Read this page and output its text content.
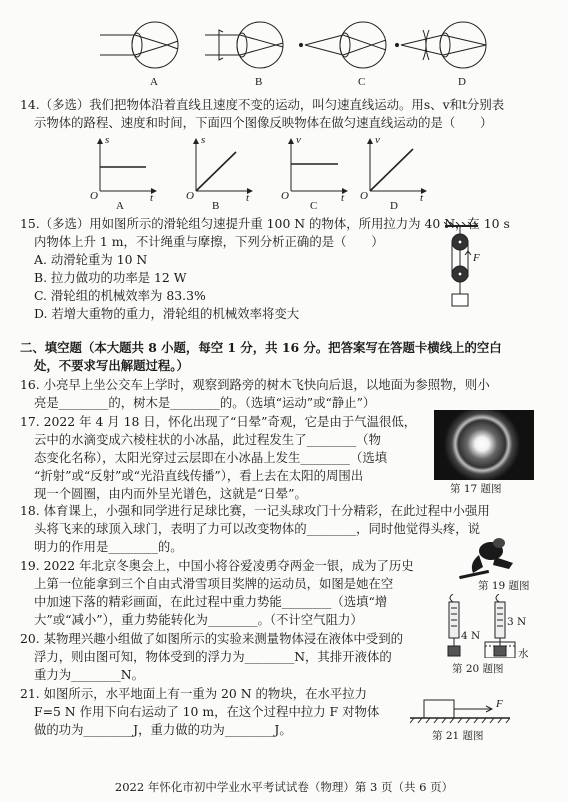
A	B	C	D
14.（多选）我们把物体沿着直线且速度不变的运动，叫匀速直线运动。用s、v和t分别表
示物体的路程、速度和时间，下面四个图像反映物体在做匀速直线运动的是（　　）
s
t
O
A
s
t
O
B
v
t
O
C
v
t
O
D
15.（多选）用如图所示的滑轮组匀速提升重 100 N 的物体，所用拉力为 40 N，在 10 s
内物体上升 1 m，不计绳重与摩擦，下列分析正确的是（　　）
A. 动滑轮重为 10 N
B. 拉力做功的功率是 12 W
C. 滑轮组的机械效率为 83.3%
D. 若增大重物的重力，滑轮组的机械效率将变大
F
二、填空题（本大题共 8 小题，每空 1 分，共 16 分。把答案写在答题卡横线上的空白
处，不要求写出解题过程。）
16. 小亮早上坐公交车上学时，观察到路旁的树木飞快向后退，以地面为参照物，则小
亮是________的，树木是________的。（选填“运动”或“静止”）
17. 2022 年 4 月 18 日，怀化出现了“日晕”奇观，它是由于气温很低，
云中的水滴变成六棱柱状的小冰晶，此过程发生了________（物
态变化名称），太阳光穿过云层即在小冰晶上发生________（选填
“折射”或“反射”或“光沿直线传播”），看上去在太阳的周围出
现一个圆圈，由内而外呈光谱色，这就是“日晕”。	第 17 题图
18. 体育课上，小强和同学进行足球比赛，一记头球攻门十分精彩，在此过程中小强用
头将飞来的球顶入球门，表明了力可以改变物体的________，同时他觉得头疼，说
明力的作用是________的。
19. 2022 年北京冬奥会上，中国小将谷爱凌勇夺两金一银，成为了历史
上第一位能拿到三个自由式滑雪项目奖牌的运动员，如图是她在空
中加速下落的精彩画面，在此过程中重力势能________（选填“增
大”或“减小”），重力势能转化为________。（不计空气阻力）
第 19 题图
20. 某物理兴趣小组做了如图所示的实验来测量物体浸在液体中受到的
浮力，则由图可知，物体受到的浮力为________N，其排开液体的
重力为________N。
4 N
3 N
水
第 20 题图
21. 如图所示，水平地面上有一重为 20 N 的物块，在水平拉力
F=5 N 作用下向右运动了 10 m，在这个过程中拉力 F 对物体
做的功为________J，重力做的功为________J。
F
第 21 题图
2022 年怀化市初中学业水平考试试卷（物理）第 3 页（共 6 页）
